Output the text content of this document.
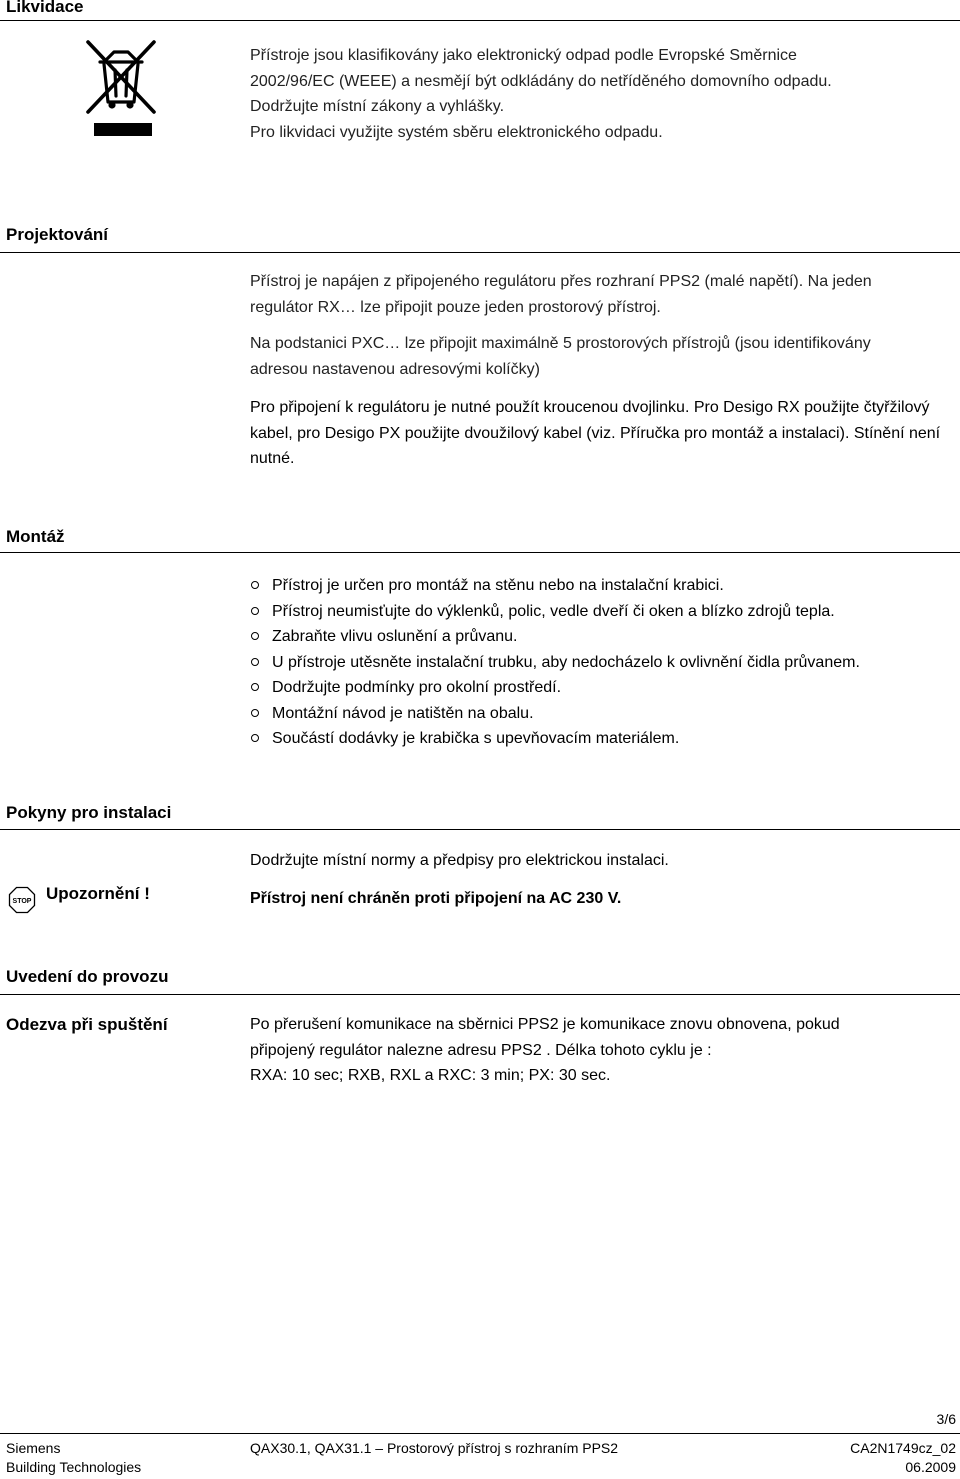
Likvidace
Přístroje jsou klasifikovány jako elektronický odpad podle Evropské Směrnice
2002/96/EC (WEEE) a nesmějí být odkládány do netříděného domovního odpadu.
Dodržujte místní zákony a vyhlášky.
Pro likvidaci využijte systém sběru elektronického odpadu.
Projektování
Přístroj je napájen z připojeného regulátoru přes rozhraní PPS2 (malé napětí). Na jeden regulátor RX… lze připojit pouze jeden prostorový přístroj.
Na podstanici PXC… lze připojit maximálně 5 prostorových přístrojů (jsou identifikovány adresou nastavenou adresovými kolíčky)
Pro připojení k regulátoru je nutné použít kroucenou dvojlinku. Pro Desigo RX použijte čtyřžilový kabel, pro Desigo PX použijte dvoužilový kabel (viz. Příručka pro montáž a instalaci). Stínění není nutné.
Montáž
Přístroj je určen pro montáž na stěnu nebo na instalační krabici.
Přístroj neumisťujte do výklenků, polic, vedle dveří či oken a blízko zdrojů tepla.
Zabraňte vlivu oslunění a průvanu.
U přístroje utěsněte instalační trubku, aby nedocházelo k ovlivnění čidla průvanem.
Dodržujte podmínky pro okolní prostředí.
Montážní návod je natištěn na obalu.
Součástí dodávky je krabička s upevňovacím materiálem.
Pokyny pro instalaci
Dodržujte místní normy a předpisy pro elektrickou instalaci.
STOP Upozornění !	Přístroj není chráněn proti připojení na AC 230 V.
Uvedení do provozu
Odezva při spuštění	Po přerušení komunikace na sběrnici PPS2 je komunikace znovu obnovena, pokud
připojený regulátor nalezne adresu PPS2 . Délka tohoto cyklu je :
RXA: 10 sec; RXB, RXL a RXC: 3 min; PX: 30 sec.
3/6
Siemens
Building Technologies
QAX30.1, QAX31.1 – Prostorový přístroj s rozhraním PPS2	CA2N1749cz_02
06.2009
